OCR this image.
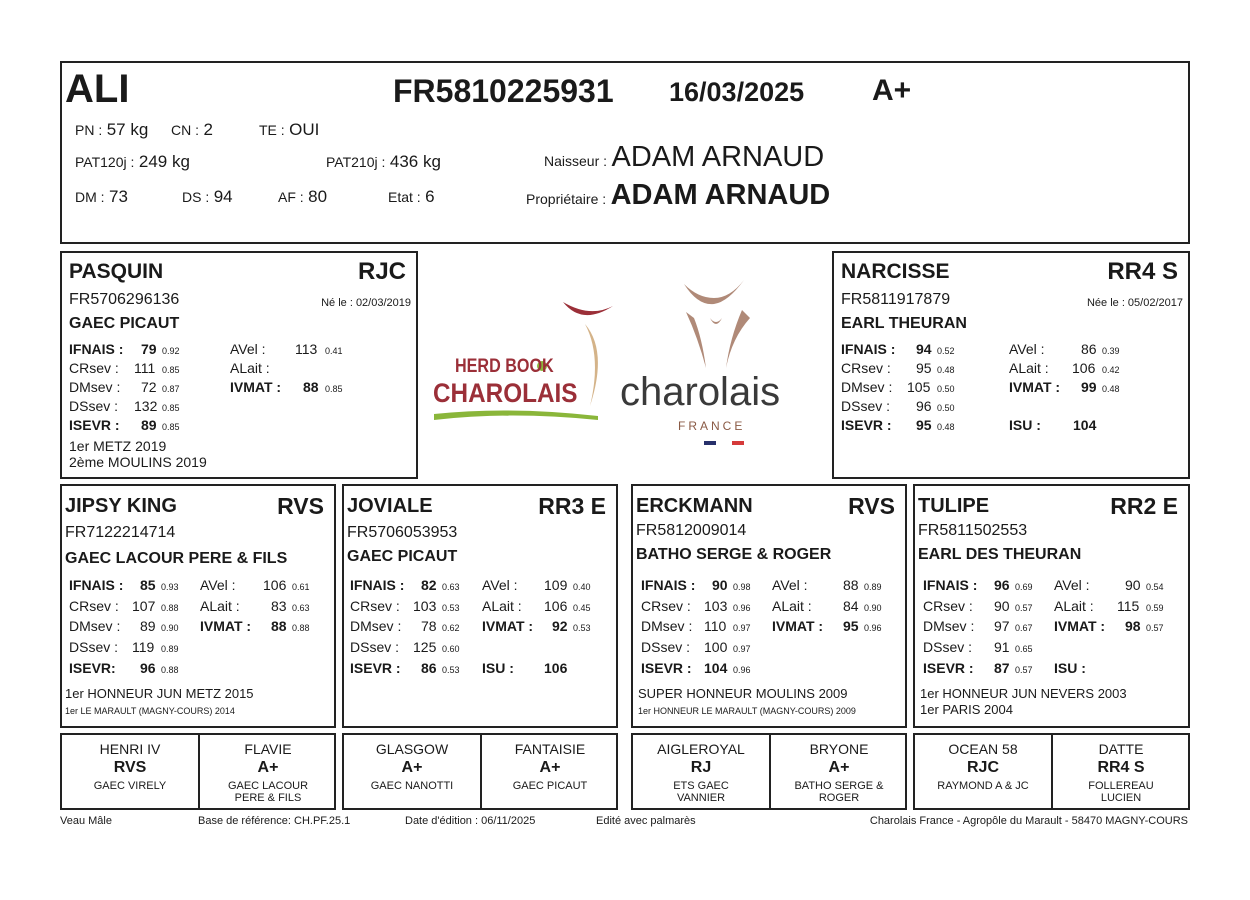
ALI	FR5810225931 16/03/2025 A+
PN : 57 kg CN : 2	TE : OUI
PAT120j : 249 kg	PAT210j : 436 kg
DM : 73	DS : 94	AF : 80	Etat : 6
Naisseur : ADAM ARNAUD
Propriétaire : ADAM ARNAUD
PASQUIN	RJC
FR5706296136	Né le : 02/03/2019
GAEC PICAUT
IFNAIS : 79 0.92
CRsev : 111 0.85
DMsev : 72 0.87
DSsev : 132 0.85
ISEVR : 89 0.85
AVel : 113 0.41
ALait :
IVMAT : 88 0.85
1er METZ 2019
2ème MOULINS 2019
HERD BOOK
CHAROLAIS charolais
FRANCE
NARCISSE	RR4 S
FR5811917879	Née le : 05/02/2017
EARL THEURAN
IFNAIS : 94 0.52
CRsev : 95 0.48
DMsev : 105 0.50
DSsev : 96 0.50
ISEVR : 95 0.48
AVel :	86 0.39
ALait : 106 0.42
IVMAT : 99 0.48
ISU : 104
JIPSY KING	RVS
FR7122214714
GAEC LACOUR PERE & FILS
IFNAIS : 85 0.93
CRsev : 107 0.88
DMsev : 89 0.90
DSsev : 119 0.89
ISEVR: 96 0.88
AVel : 106 0.61
ALait : 83 0.63
IVMAT : 88 0.88
1er HONNEUR JUN METZ 2015
1er LE MARAULT (MAGNY-COURS) 2014
JOVIALE	RR3 E
FR5706053953
GAEC PICAUT
IFNAIS : 82 0.63
CRsev : 103 0.53
DMsev : 78 0.62
DSsev : 125 0.60
ISEVR : 86 0.53
AVel : 109 0.40
ALait : 106 0.45
IVMAT : 92 0.53
ISU : 106
ERCKMANN	RVS
FR5812009014
BATHO SERGE & ROGER
IFNAIS : 90 0.98
CRsev : 103 0.96
DMsev : 110 0.97
DSsev : 100 0.97
ISEVR : 104 0.96
AVel :	88 0.89
ALait : 84 0.90
IVMAT : 95 0.96
SUPER HONNEUR MOULINS 2009
1er HONNEUR LE MARAULT (MAGNY-COURS) 2009
TULIPE	RR2 E
FR5811502553
EARL DES THEURAN
IFNAIS : 96 0.69
CRsev : 90 0.57
DMsev : 97 0.67
DSsev : 91 0.65
ISEVR : 87 0.57
AVel :	90 0.54
ALait : 115 0.59
IVMAT : 98 0.57
ISU :
1er HONNEUR JUN NEVERS 2003
1er PARIS 2004
HENRI IV
RVS
GAEC VIRELY
FLAVIE
A+
GAEC LACOUR
PERE & FILS
GLASGOW
A+
GAEC NANOTTI
FANTAISIE
A+
GAEC PICAUT
AIGLEROYAL
RJ
ETS GAEC
VANNIER
BRYONE
A+
BATHO SERGE &
ROGER
OCEAN 58
RJC
RAYMOND A & JC
DATTE
RR4 S
FOLLEREAU
LUCIEN
Veau Mâle	Base de référence: CH.PF.25.1	Date d'édition : 06/11/2025	Edité avec palmarès	Charolais France - Agropôle du Marault - 58470 MAGNY-COURS
